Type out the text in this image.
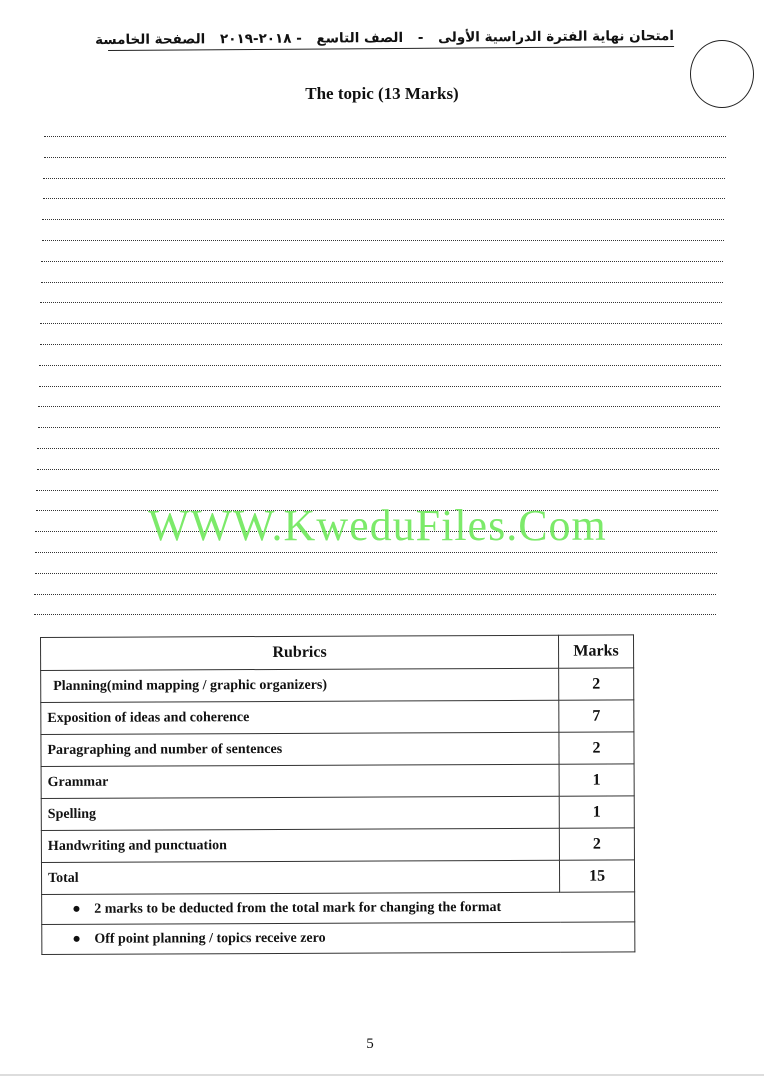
امتحان نهاية الفترة الدراسية الأولى - الصف التاسع - ٢٠١٨-٢٠١٩ الصفحة الخامسة
The topic (13 Marks)
WWW.KweduFiles.Com
Rubrics	Marks
Planning(mind mapping / graphic organizers)	2
Exposition of ideas and coherence	7
Paragraphing and number of sentences	2
Grammar	1
Spelling	1
Handwriting and punctuation	2
Total	15
● 2 marks to be deducted from the total mark for changing the format	
● Off point planning / topics receive zero	
5
